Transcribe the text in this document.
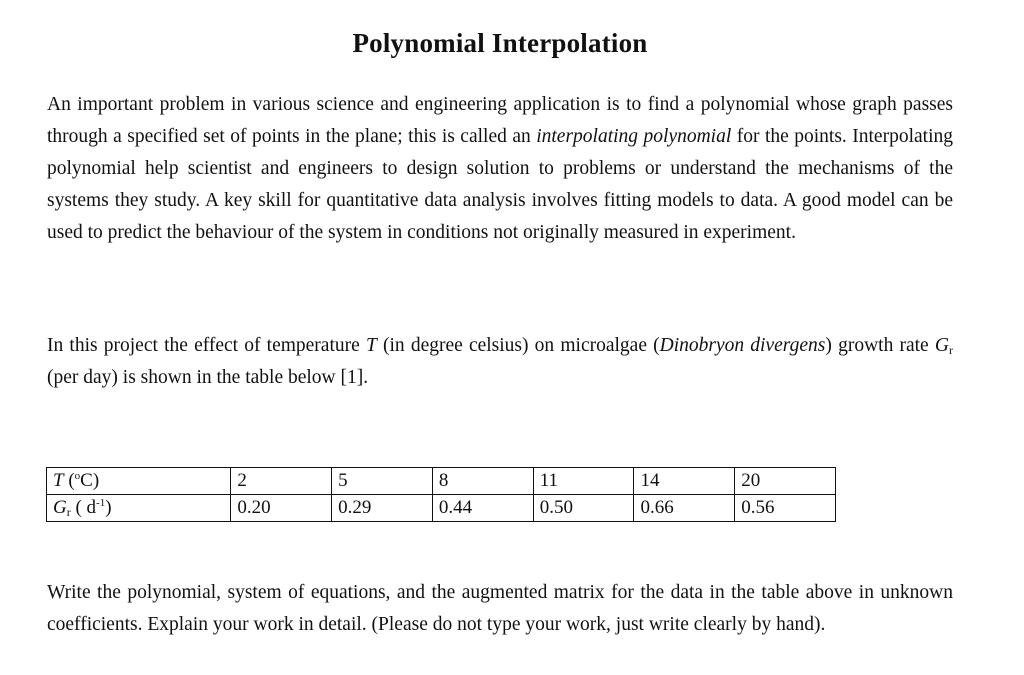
Polynomial Interpolation
An important problem in various science and engineering application is to find a polynomial whose graph passes through a specified set of points in the plane; this is called an interpolating polynomial for the points. Interpolating polynomial help scientist and engineers to design solution to problems or understand the mechanisms of the systems they study. A key skill for quantitative data analysis involves fitting models to data. A good model can be used to predict the behaviour of the system in conditions not originally measured in experiment.
In this project the effect of temperature T (in degree celsius) on microalgae (Dinobryon divergens) growth rate $G_r$ (per day) is shown in the table below [1].
T ($^o$C)	2	5	8	11	14	20
$G_r$ ( $d^{-1}$)	0.20	0.29	0.44	0.50	0.66	0.56
Write the polynomial, system of equations, and the augmented matrix for the data in the table above in unknown coefficients. Explain your work in detail. (Please do not type your work, just write clearly by hand).
